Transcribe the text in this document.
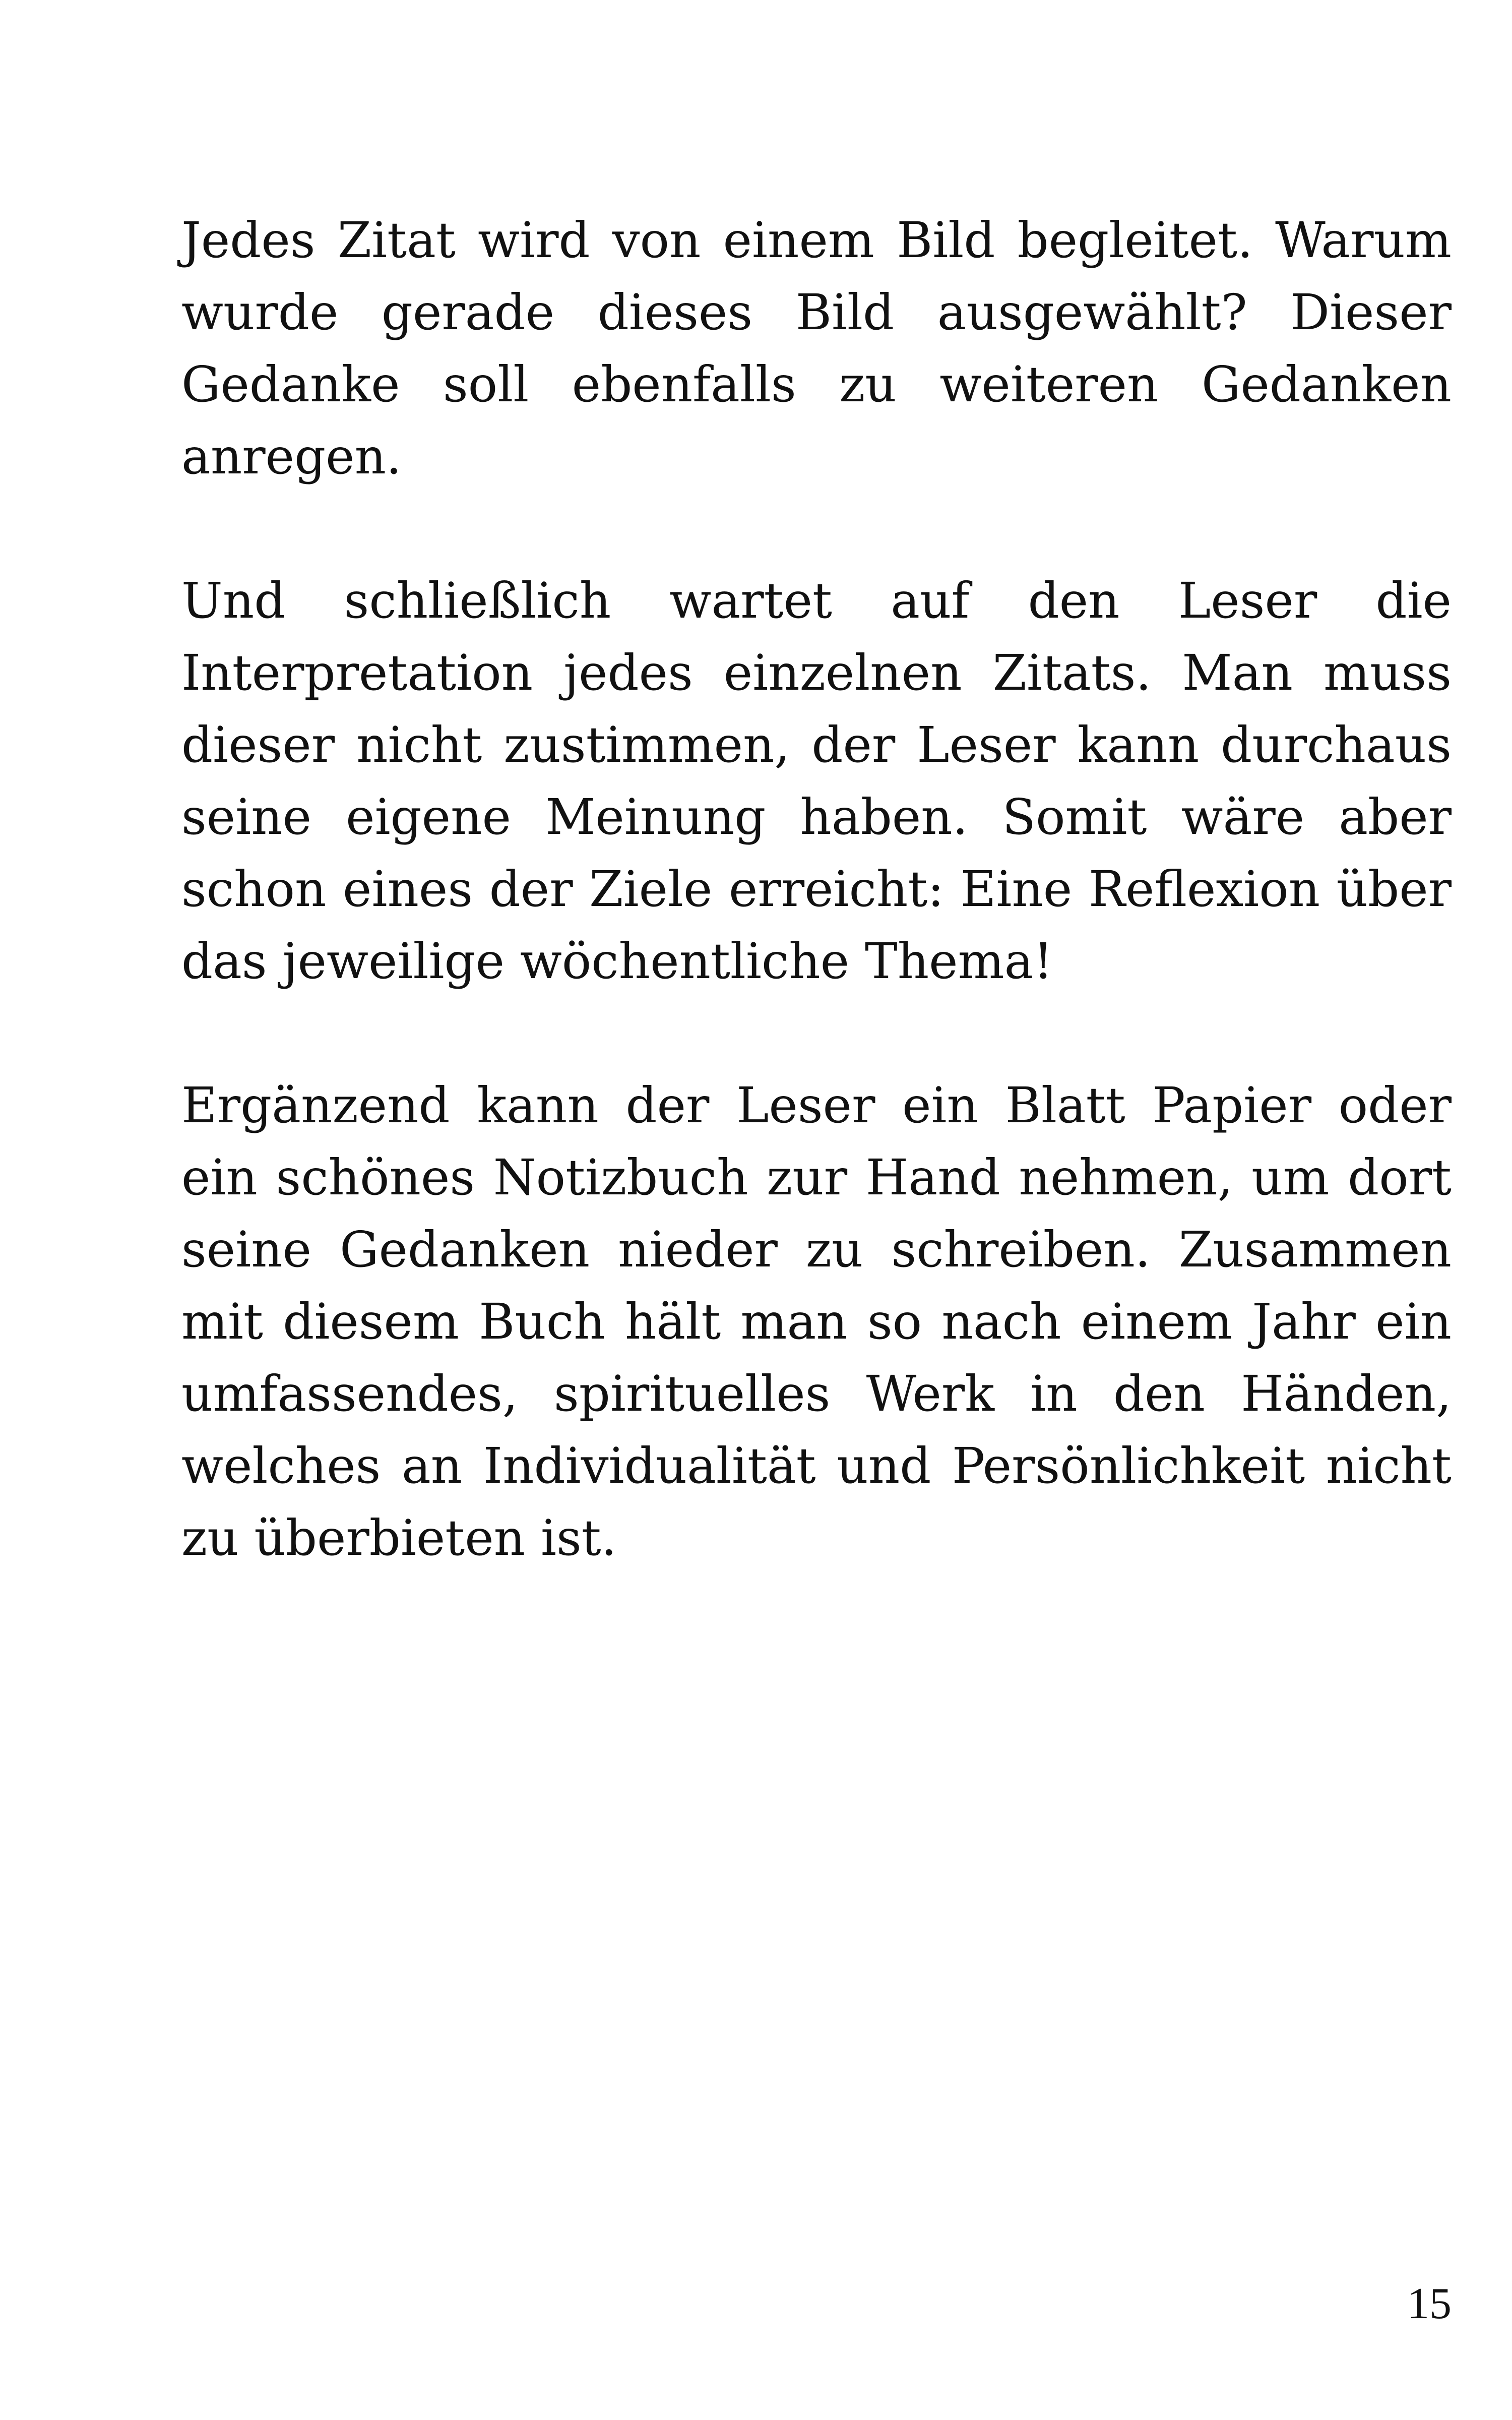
Jedes Zitat wird von einem Bild begleitet. Warum wurde gerade dieses Bild ausgewählt? Dieser Gedanke soll ebenfalls zu weiteren Gedanken anregen.

Und schließlich wartet auf den Leser die Interpretation jedes einzelnen Zitats. Man muss dieser nicht zustimmen, der Leser kann durchaus seine eigene Meinung haben. Somit wäre aber schon eines der Ziele erreicht: Eine Reflexion über das jeweilige wöchentliche Thema!

Ergänzend kann der Leser ein Blatt Papier oder ein schönes Notizbuch zur Hand nehmen, um dort seine Gedanken nieder zu schreiben. Zusammen mit diesem Buch hält man so nach einem Jahr ein umfassendes, spirituelles Werk in den Händen, welches an Individualität und Persönlichkeit nicht zu überbieten ist.

15
